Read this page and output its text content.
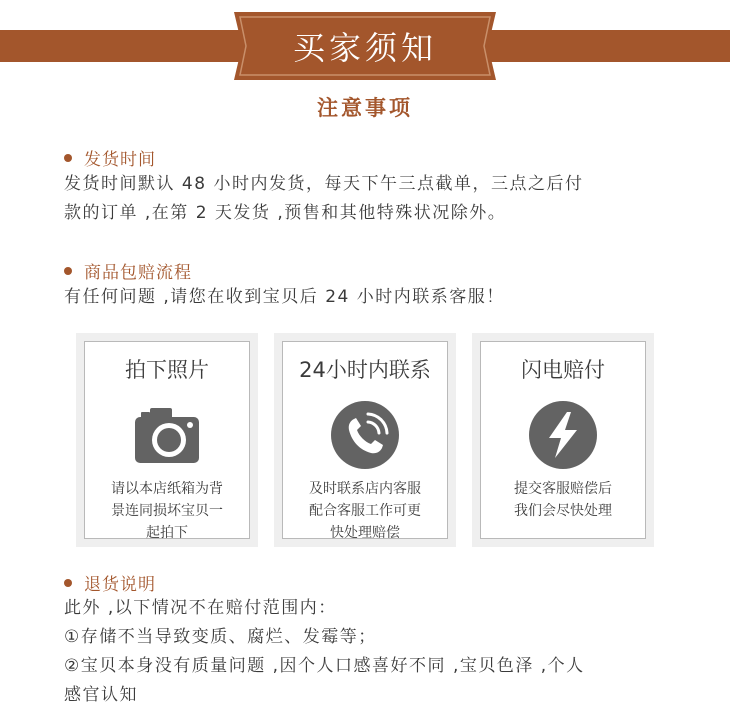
买家须知
注意事项
发货时间
发货时间默认 48 小时内发货，每天下午三点截单，三点之后付
款的订单 ,在第 2 天发货 ,预售和其他特殊状况除外。
商品包赔流程
有任何问题 ,请您在收到宝贝后 24 小时内联系客服！
拍下照片
请以本店纸箱为背
景连同损坏宝贝一
起拍下
24小时内联系
及时联系店内客服
配合客服工作可更
快处理赔偿
闪电赔付
提交客服赔偿后
我们会尽快处理
退货说明
此外 ,以下情况不在赔付范围内：
①存储不当导致变质、腐烂、发霉等；
②宝贝本身没有质量问题 ,因个人口感喜好不同 ,宝贝色泽 ,个人
感官认知
